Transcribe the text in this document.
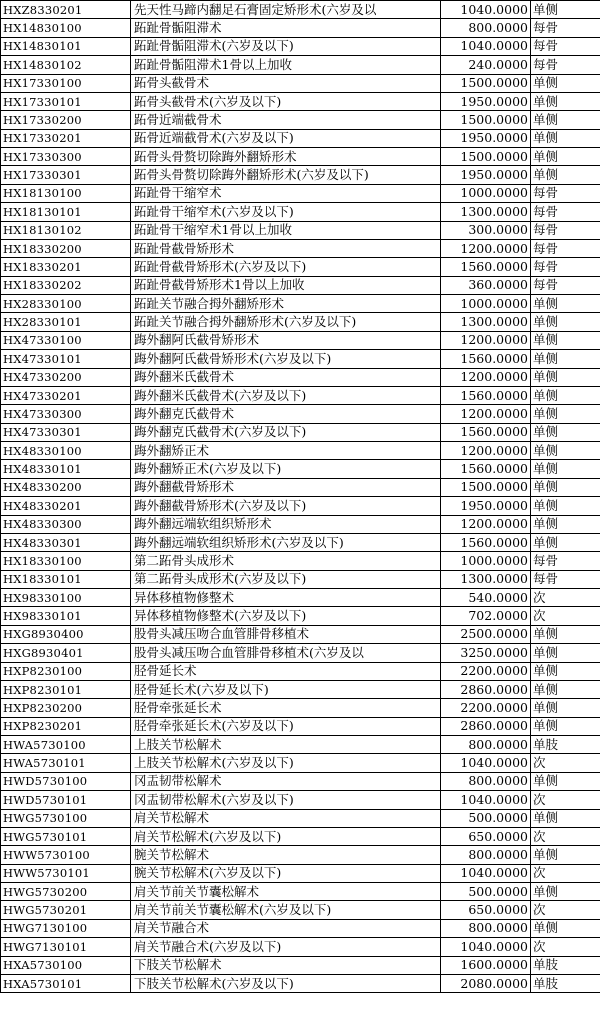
HXZ8330201	先天性马蹄内翻足石膏固定矫形术(六岁及以	1040.0000	单侧
HX14830100	跖趾骨骺阻滞术	800.0000	每骨
HX14830101	跖趾骨骺阻滞术(六岁及以下)	1040.0000	每骨
HX14830102	跖趾骨骺阻滞术1骨以上加收	240.0000	每骨
HX17330100	跖骨头截骨术	1500.0000	单侧
HX17330101	跖骨头截骨术(六岁及以下)	1950.0000	单侧
HX17330200	跖骨近端截骨术	1500.0000	单侧
HX17330201	跖骨近端截骨术(六岁及以下)	1950.0000	单侧
HX17330300	跖骨头骨赘切除踇外翻矫形术	1500.0000	单侧
HX17330301	跖骨头骨赘切除踇外翻矫形术(六岁及以下)	1950.0000	单侧
HX18130100	跖趾骨干缩窄术	1000.0000	每骨
HX18130101	跖趾骨干缩窄术(六岁及以下)	1300.0000	每骨
HX18130102	跖趾骨干缩窄术1骨以上加收	300.0000	每骨
HX18330200	跖趾骨截骨矫形术	1200.0000	每骨
HX18330201	跖趾骨截骨矫形术(六岁及以下)	1560.0000	每骨
HX18330202	跖趾骨截骨矫形术1骨以上加收	360.0000	每骨
HX28330100	跖趾关节融合拇外翻矫形术	1000.0000	单侧
HX28330101	跖趾关节融合拇外翻矫形术(六岁及以下)	1300.0000	单侧
HX47330100	踇外翻阿氏截骨矫形术	1200.0000	单侧
HX47330101	踇外翻阿氏截骨矫形术(六岁及以下)	1560.0000	单侧
HX47330200	踇外翻米氏截骨术	1200.0000	单侧
HX47330201	踇外翻米氏截骨术(六岁及以下)	1560.0000	单侧
HX47330300	踇外翻克氏截骨术	1200.0000	单侧
HX47330301	踇外翻克氏截骨术(六岁及以下)	1560.0000	单侧
HX48330100	踇外翻矫正术	1200.0000	单侧
HX48330101	踇外翻矫正术(六岁及以下)	1560.0000	单侧
HX48330200	踇外翻截骨矫形术	1500.0000	单侧
HX48330201	踇外翻截骨矫形术(六岁及以下)	1950.0000	单侧
HX48330300	踇外翻远端软组织矫形术	1200.0000	单侧
HX48330301	踇外翻远端软组织矫形术(六岁及以下)	1560.0000	单侧
HX18330100	第二跖骨头成形术	1000.0000	每骨
HX18330101	第二跖骨头成形术(六岁及以下)	1300.0000	每骨
HX98330100	异体移植物修整术	540.0000	次
HX98330101	异体移植物修整术(六岁及以下)	702.0000	次
HXG8930400	股骨头减压吻合血管腓骨移植术	2500.0000	单侧
HXG8930401	股骨头减压吻合血管腓骨移植术(六岁及以	3250.0000	单侧
HXP8230100	胫骨延长术	2200.0000	单侧
HXP8230101	胫骨延长术(六岁及以下)	2860.0000	单侧
HXP8230200	胫骨牵张延长术	2200.0000	单侧
HXP8230201	胫骨牵张延长术(六岁及以下)	2860.0000	单侧
HWA5730100	上肢关节松解术	800.0000	单肢
HWA5730101	上肢关节松解术(六岁及以下)	1040.0000	次
HWD5730100	冈盂韧带松解术	800.0000	单侧
HWD5730101	冈盂韧带松解术(六岁及以下)	1040.0000	次
HWG5730100	肩关节松解术	500.0000	单侧
HWG5730101	肩关节松解术(六岁及以下)	650.0000	次
HWW5730100	腕关节松解术	800.0000	单侧
HWW5730101	腕关节松解术(六岁及以下)	1040.0000	次
HWG5730200	肩关节前关节囊松解术	500.0000	单侧
HWG5730201	肩关节前关节囊松解术(六岁及以下)	650.0000	次
HWG7130100	肩关节融合术	800.0000	单侧
HWG7130101	肩关节融合术(六岁及以下)	1040.0000	次
HXA5730100	下肢关节松解术	1600.0000	单肢
HXA5730101	下肢关节松解术(六岁及以下)	2080.0000	单肢
